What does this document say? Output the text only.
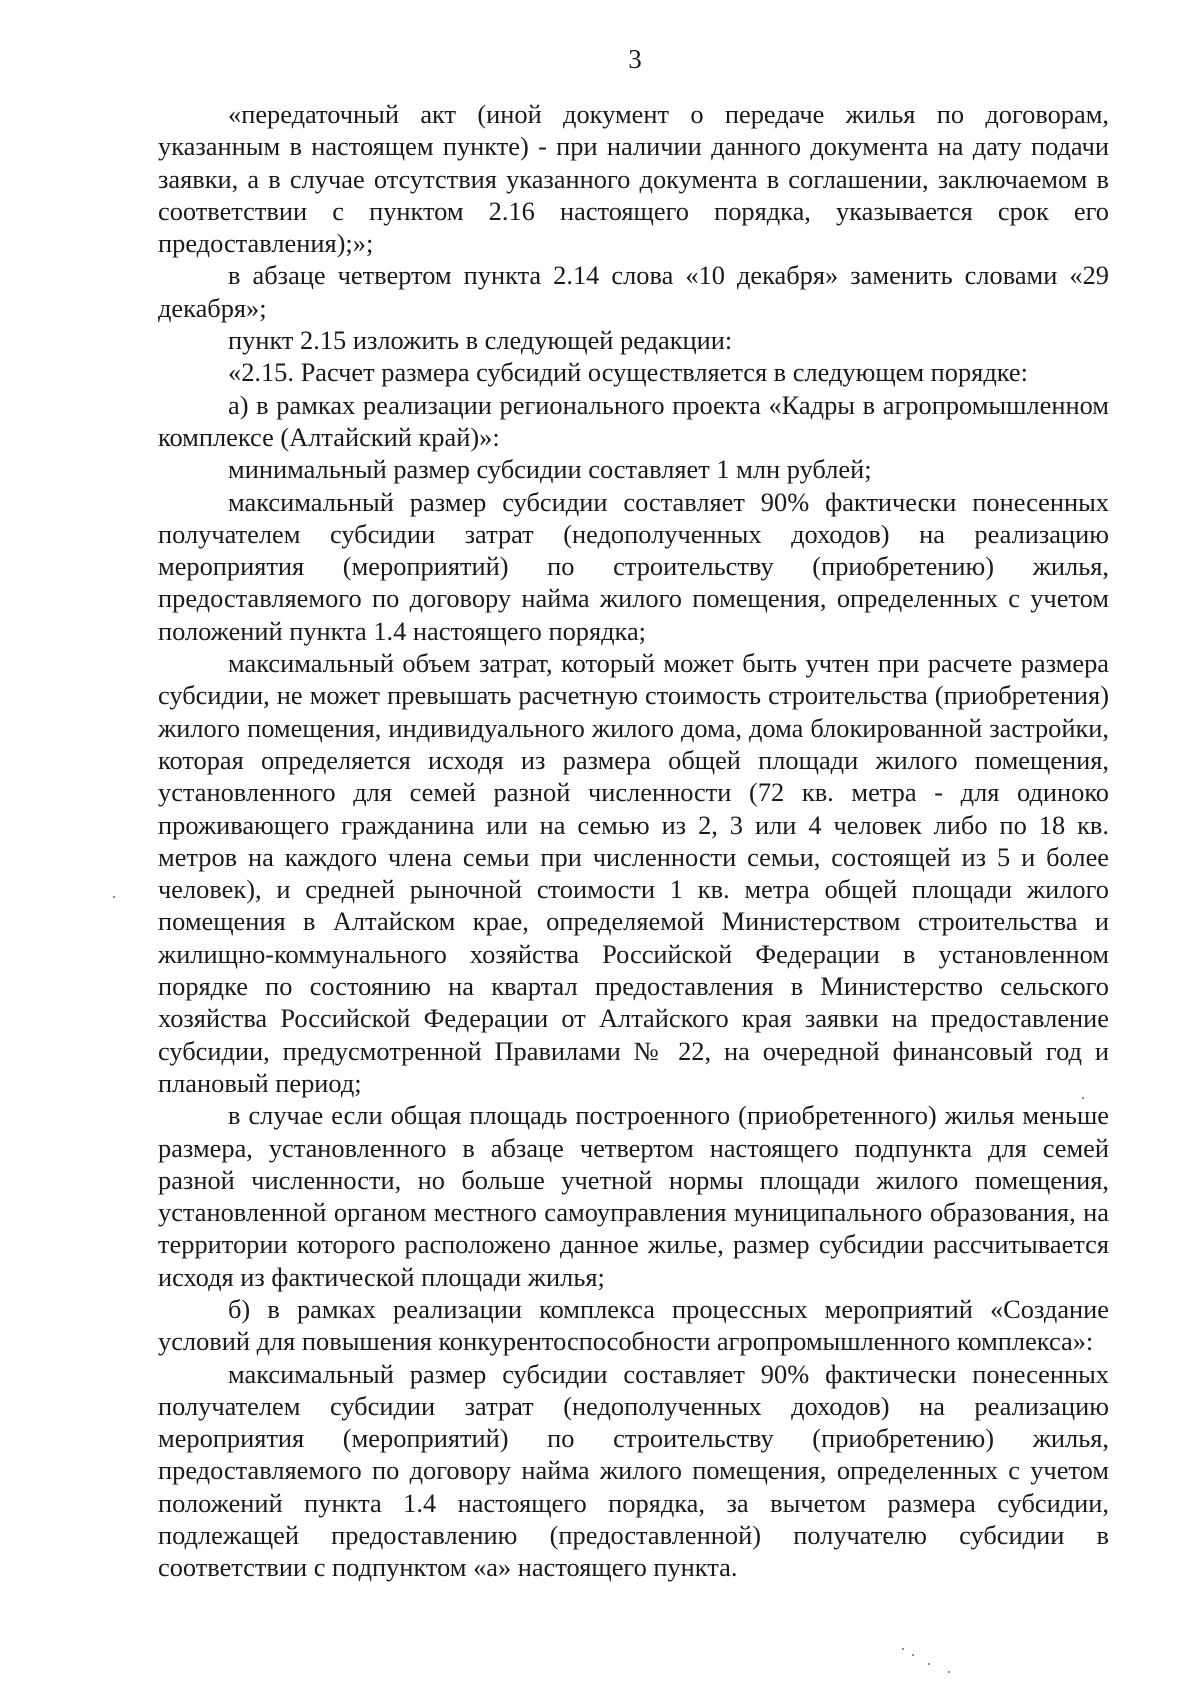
3

«передаточный акт (иной документ о передаче жилья по договорам, указанным в настоящем пункте) - при наличии данного документа на дату подачи заявки, а в случае отсутствия указанного документа в соглашении, заключаемом в соответствии с пунктом 2.16 настоящего порядка, указывается срок его предоставления);»;

в абзаце четвертом пункта 2.14 слова «10 декабря» заменить словами «29 декабря»;

пункт 2.15 изложить в следующей редакции:

«2.15. Расчет размера субсидий осуществляется в следующем порядке:

а) в рамках реализации регионального проекта «Кадры в агропромышленном комплексе (Алтайский край)»:

минимальный размер субсидии составляет 1 млн рублей;

максимальный размер субсидии составляет 90% фактически понесенных получателем субсидии затрат (недополученных доходов) на реализацию мероприятия (мероприятий) по строительству (приобретению) жилья, предоставляемого по договору найма жилого помещения, определенных с учетом положений пункта 1.4 настоящего порядка;

максимальный объем затрат, который может быть учтен при расчете размера субсидии, не может превышать расчетную стоимость строительства (приобретения) жилого помещения, индивидуального жилого дома, дома блокированной застройки, которая определяется исходя из размера общей площади жилого помещения, установленного для семей разной численности (72 кв. метра - для одиноко проживающего гражданина или на семью из 2, 3 или 4 человек либо по 18 кв. метров на каждого члена семьи при численности семьи, состоящей из 5 и более человек), и средней рыночной стоимости 1 кв. метра общей площади жилого помещения в Алтайском крае, определяемой Министерством строительства и жилищно-коммунального хозяйства Российской Федерации в установленном порядке по состоянию на квартал предоставления в Министерство сельского хозяйства Российской Федерации от Алтайского края заявки на предоставление субсидии, предусмотренной Правилами № 22, на очередной финансовый год и плановый период;

в случае если общая площадь построенного (приобретенного) жилья меньше размера, установленного в абзаце четвертом настоящего подпункта для семей разной численности, но больше учетной нормы площади жилого помещения, установленной органом местного самоуправления муниципального образования, на территории которого расположено данное жилье, размер субсидии рассчитывается исходя из фактической площади жилья;

б) в рамках реализации комплекса процессных мероприятий «Создание условий для повышения конкурентоспособности агропромышленного комплекса»:

максимальный размер субсидии составляет 90% фактически понесенных получателем субсидии затрат (недополученных доходов) на реализацию мероприятия (мероприятий) по строительству (приобретению) жилья, предоставляемого по договору найма жилого помещения, определенных с учетом положений пункта 1.4 настоящего порядка, за вычетом размера субсидии, подлежащей предоставлению (предоставленной) получателю субсидии в соответствии с подпунктом «а» настоящего пункта.
